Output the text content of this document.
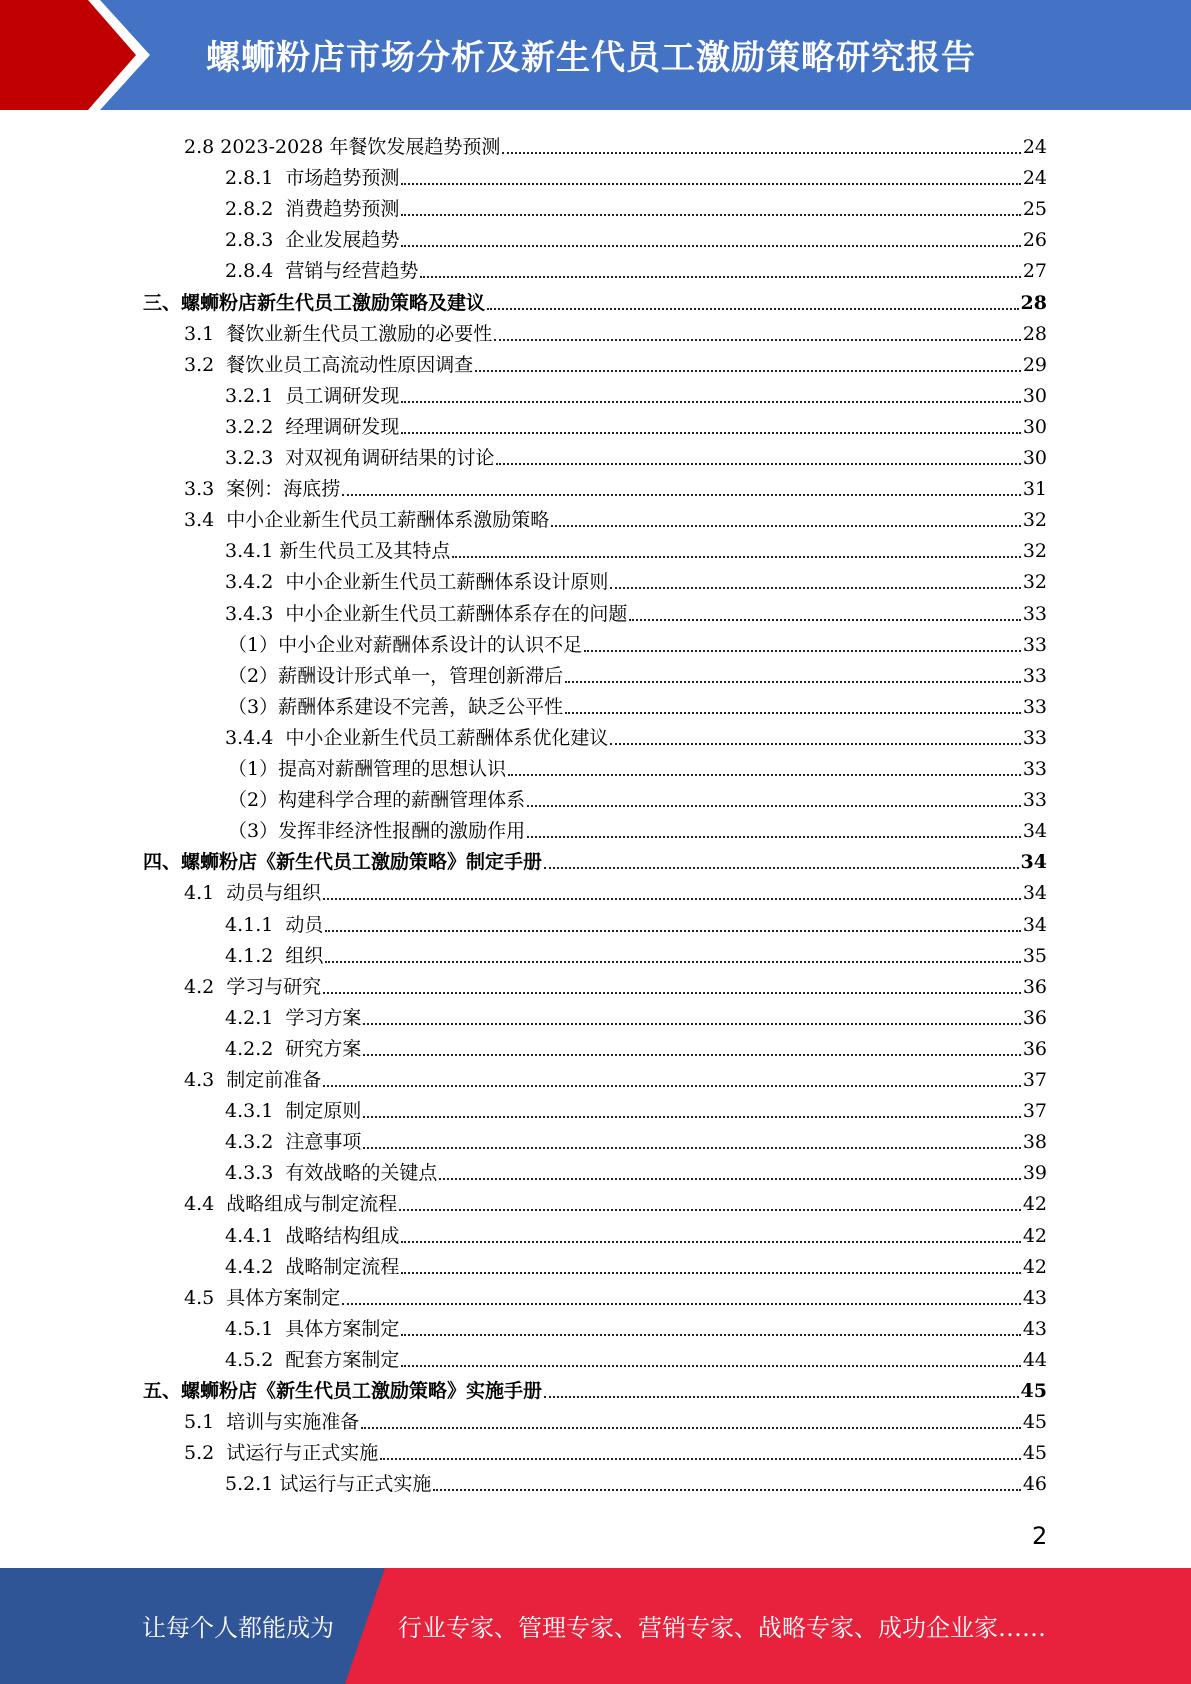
螺蛳粉店市场分析及新生代员工激励策略研究报告
2.8 2023-2028 年餐饮发展趋势预测	24
2.8.1  市场趋势预测	24
2.8.2  消费趋势预测	25
2.8.3  企业发展趋势	26
2.8.4  营销与经营趋势	27
三、螺蛳粉店新生代员工激励策略及建议	28
3.1  餐饮业新生代员工激励的必要性	28
3.2  餐饮业员工高流动性原因调查	29
3.2.1  员工调研发现	30
3.2.2  经理调研发现	30
3.2.3  对双视角调研结果的讨论	30
3.3  案例：海底捞	31
3.4  中小企业新生代员工薪酬体系激励策略	32
3.4.1 新生代员工及其特点	32
3.4.2  中小企业新生代员工薪酬体系设计原则	32
3.4.3  中小企业新生代员工薪酬体系存在的问题	33
（1）中小企业对薪酬体系设计的认识不足	33
（2）薪酬设计形式单一，管理创新滞后	33
（3）薪酬体系建设不完善，缺乏公平性	33
3.4.4  中小企业新生代员工薪酬体系优化建议	33
（1）提高对薪酬管理的思想认识	33
（2）构建科学合理的薪酬管理体系	33
（3）发挥非经济性报酬的激励作用	34
四、螺蛳粉店《新生代员工激励策略》制定手册	34
4.1  动员与组织	34
4.1.1  动员	34
4.1.2  组织	35
4.2  学习与研究	36
4.2.1  学习方案	36
4.2.2  研究方案	36
4.3  制定前准备	37
4.3.1  制定原则	37
4.3.2  注意事项	38
4.3.3  有效战略的关键点	39
4.4  战略组成与制定流程	42
4.4.1  战略结构组成	42
4.4.2  战略制定流程	42
4.5  具体方案制定	43
4.5.1  具体方案制定	43
4.5.2  配套方案制定	44
五、螺蛳粉店《新生代员工激励策略》实施手册	45
5.1  培训与实施准备	45
5.2  试运行与正式实施	45
5.2.1 试运行与正式实施	46
2
让每个人都能成为	行业专家、管理专家、营销专家、战略专家、成功企业家……
